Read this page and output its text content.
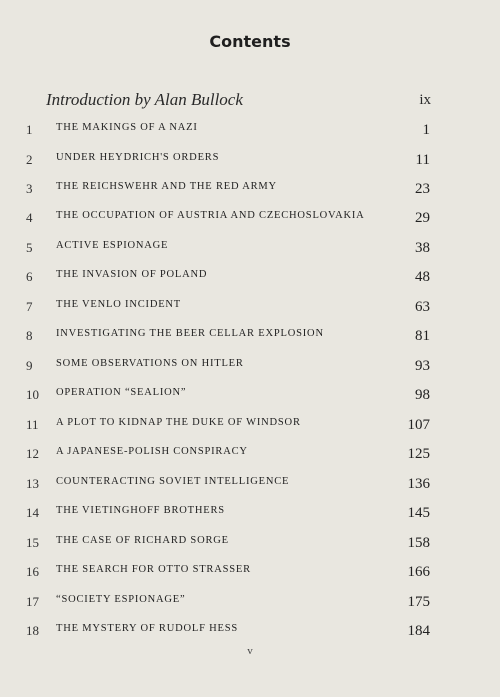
Contents
Introduction by Alan Bullock	ix
1	THE MAKINGS OF A NAZI	1
2	UNDER HEYDRICH'S ORDERS	11
3	THE REICHSWEHR AND THE RED ARMY	23
4	THE OCCUPATION OF AUSTRIA AND CZECHOSLOVAKIA	29
5	ACTIVE ESPIONAGE	38
6	THE INVASION OF POLAND	48
7	THE VENLO INCIDENT	63
8	INVESTIGATING THE BEER CELLAR EXPLOSION	81
9	SOME OBSERVATIONS ON HITLER	93
10	OPERATION “SEALION”	98
11	A PLOT TO KIDNAP THE DUKE OF WINDSOR	107
12	A JAPANESE-POLISH CONSPIRACY	125
13	COUNTERACTING SOVIET INTELLIGENCE	136
14	THE VIETINGHOFF BROTHERS	145
15	THE CASE OF RICHARD SORGE	158
16	THE SEARCH FOR OTTO STRASSER	166
17	“SOCIETY ESPIONAGE”	175
18	THE MYSTERY OF RUDOLF HESS	184
v
